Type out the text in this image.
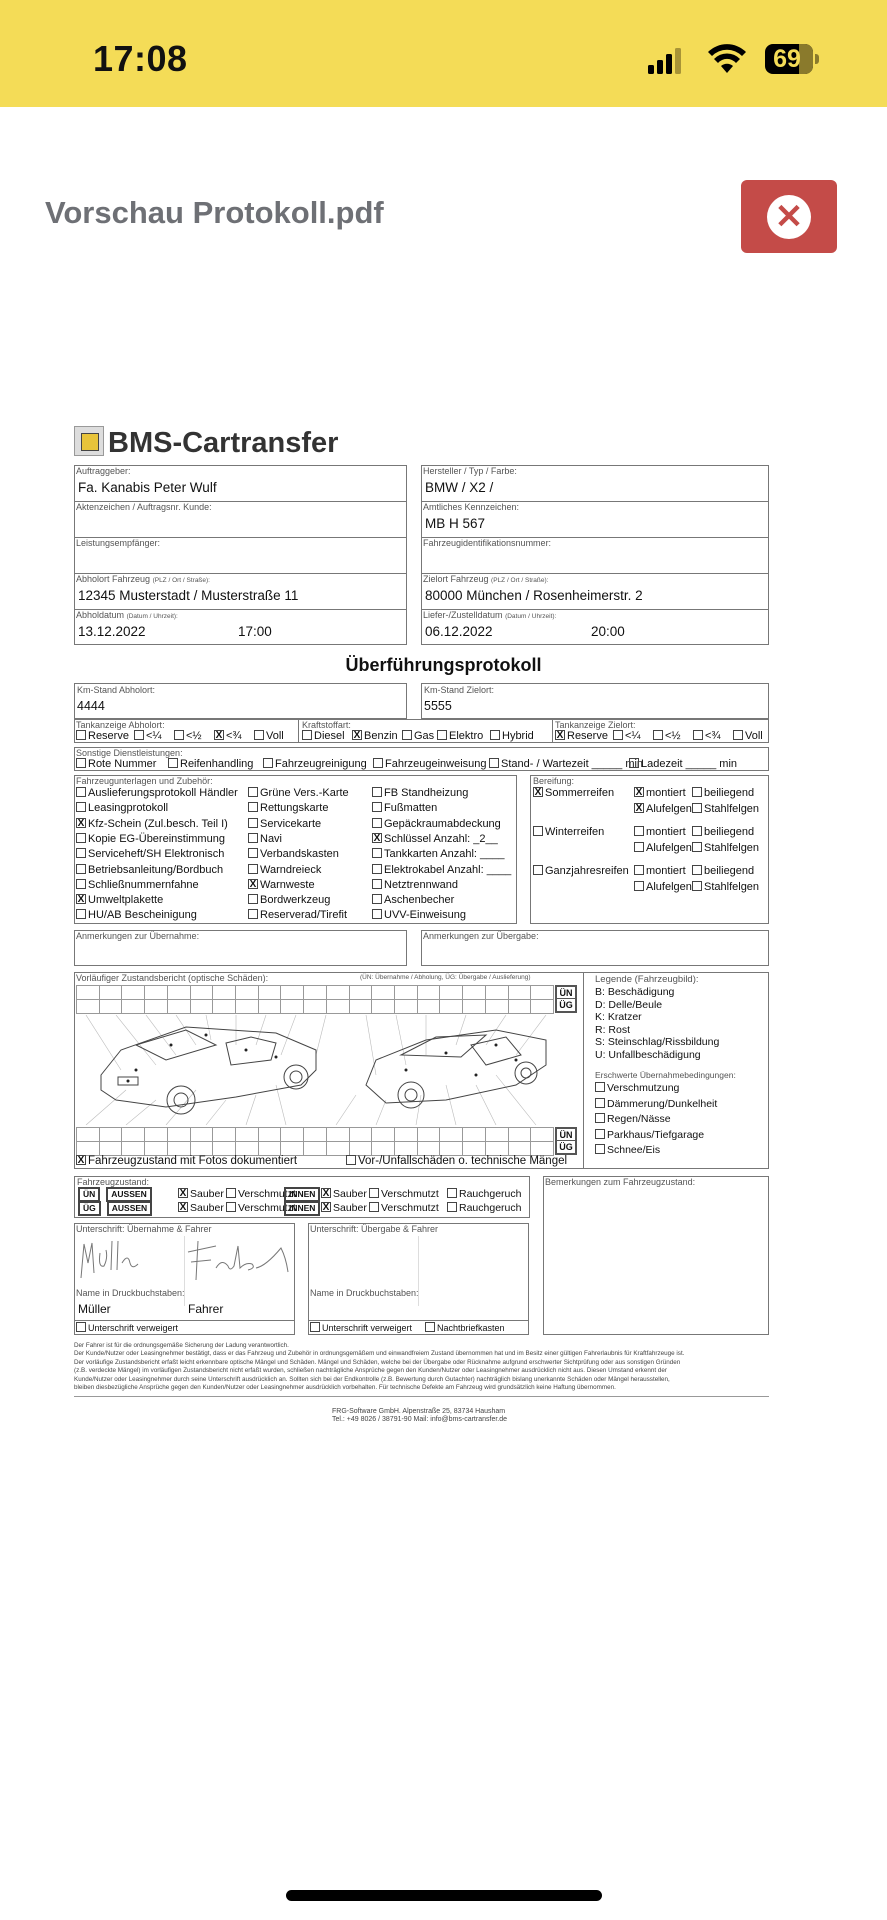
17:08	69
Vorschau Protokoll.pdf	✕
BMS-Cartransfer
Auftraggeber:
Fa. Kanabis Peter Wulf
Aktenzeichen / Auftragsnr. Kunde:
Leistungsempfänger:
Abholort Fahrzeug (PLZ / Ort / Straße):
12345 Musterstadt / Musterstraße 11
Abholdatum (Datum / Uhrzeit):
13.12.2022	17:00
Hersteller / Typ / Farbe:
BMW / X2 /
Amtliches Kennzeichen:
MB H 567
Fahrzeugidentifikationsnummer:
Zielort Fahrzeug (PLZ / Ort / Straße):
80000 München / Rosenheimerstr. 2
Liefer-/Zustelldatum (Datum / Uhrzeit):
06.12.2022	20:00
Überführungsprotokoll
Km-Stand Abholort:
4444
Km-Stand Zielort:
5555
Tankanzeige Abholort:	Kraftstoffart:	Tankanzeige Zielort:
Reserve	<¼	<½ X	<¾	Voll	Diesel X	Benzin	Gas	Elektro	Hybrid X	Reserve	<¼	<½	<¾	Voll
Sonstige Dienstleistungen:
Rote Nummer	Reifenhandling	Fahrzeugreinigung	Fahrzeugeinweisung	Stand- / Wartezeit _____ min
Ladezeit _____ min
Fahrzeugunterlagen und Zubehör:
Auslieferungsprotokoll Händler
Leasingprotokoll
XKfz-Schein (Zul.besch. Teil I)
Kopie EG-Übereinstimmung
Serviceheft/SH Elektronisch
Betriebsanleitung/Bordbuch
Schließnummernfahne
XUmweltplakette
HU/AB Bescheinigung
Grüne Vers.-Karte
Rettungskarte
Servicekarte
Navi
Verbandskasten
Warndreieck
XWarnweste
Bordwerkzeug
Reserverad/Tirefit
FB Standheizung
Fußmatten
Gepäckraumabdeckung
XSchlüssel Anzahl: _2__
Tankkarten Anzahl: ____
Elektrokabel Anzahl: ____
Netztrennwand
Aschenbecher
UVV-Einweisung
Bereifung:
XSommerreifen X	montiert	beiliegend
XAlufelgen	Stahlfelgen
Winterreifen	montiert	beiliegend
Alufelgen	Stahlfelgen
Ganzjahresreifen	montiert	beiliegend
Alufelgen	Stahlfelgen
Anmerkungen zur Übernahme:	Anmerkungen zur Übergabe:
Vorläufiger Zustandsbericht (optische Schäden):	(ÜN: Übernahme / Abholung, ÜG: Übergabe / Auslieferung)
ÜN
ÜG
ÜN
ÜG
XFahrzeugzustand mit Fotos dokumentiert	Vor-/Unfallschäden o. technische Mängel
Legende (Fahrzeugbild):
B: Beschädigung
D: Delle/Beule
K: Kratzer
R: Rost
S: Steinschlag/Rissbildung
U: Unfallbeschädigung
Erschwerte Übernahmebedingungen:
Verschmutzung
Dämmerung/Dunkelheit
Regen/Nässe
Parkhaus/Tiefgarage
Schnee/Eis
Fahrzeugzustand:
ÜN AUSSEN X	Sauber	Verschmutzt
INNEN X	Sauber	Verschmutzt	Rauchgeruch
ÜG AUSSEN X	Sauber	Verschmutzt
INNEN X	Sauber	Verschmutzt	Rauchgeruch
Bemerkungen zum Fahrzeugzustand:
Unterschrift: Übernahme & Fahrer
Name in Druckbuchstaben:
Müller	Fahrer
Unterschrift verweigert
Unterschrift: Übergabe & Fahrer
Name in Druckbuchstaben:
Unterschrift verweigert	Nachtbriefkasten
Der Fahrer ist für die ordnungsgemäße Sicherung der Ladung verantwortlich.
Der Kunde/Nutzer oder Leasingnehmer bestätigt, dass er das Fahrzeug und Zubehör in ordnungsgemäßem und einwandfreiem Zustand übernommen hat und im Besitz einer gültigen Fahrerlaubnis für Kraftfahrzeuge ist.
Der vorläufige Zustandsbericht erfaßt leicht erkennbare optische Mängel und Schäden. Mängel und Schäden, welche bei der Übergabe oder Rücknahme aufgrund erschwerter Sichtprüfung oder aus sonstigen Gründen
(z.B. verdeckte Mängel) im vorläufigen Zustandsbericht nicht erfaßt wurden, schließen nachträgliche Ansprüche gegen den Kunden/Nutzer oder Leasingnehmer ausdrücklich nicht aus. Diesen Umstand erkennt der
Kunde/Nutzer oder Leasingnehmer durch seine Unterschrift ausdrücklich an. Sollten sich bei der Endkontrolle (z.B. Bewertung durch Gutachter) nachträglich bislang unerkannte Schäden oder Mängel herausstellen,
bleiben diesbezügliche Ansprüche gegen den Kunden/Nutzer oder Leasingnehmer ausdrücklich vorbehalten. Für technische Defekte am Fahrzeug wird grundsätzlich keine Haftung übernommen.
FRG-Software GmbH. Alpenstraße 25, 83734 Hausham
Tel.: +49 8026 / 38791-90 Mail: info@bms-cartransfer.de
